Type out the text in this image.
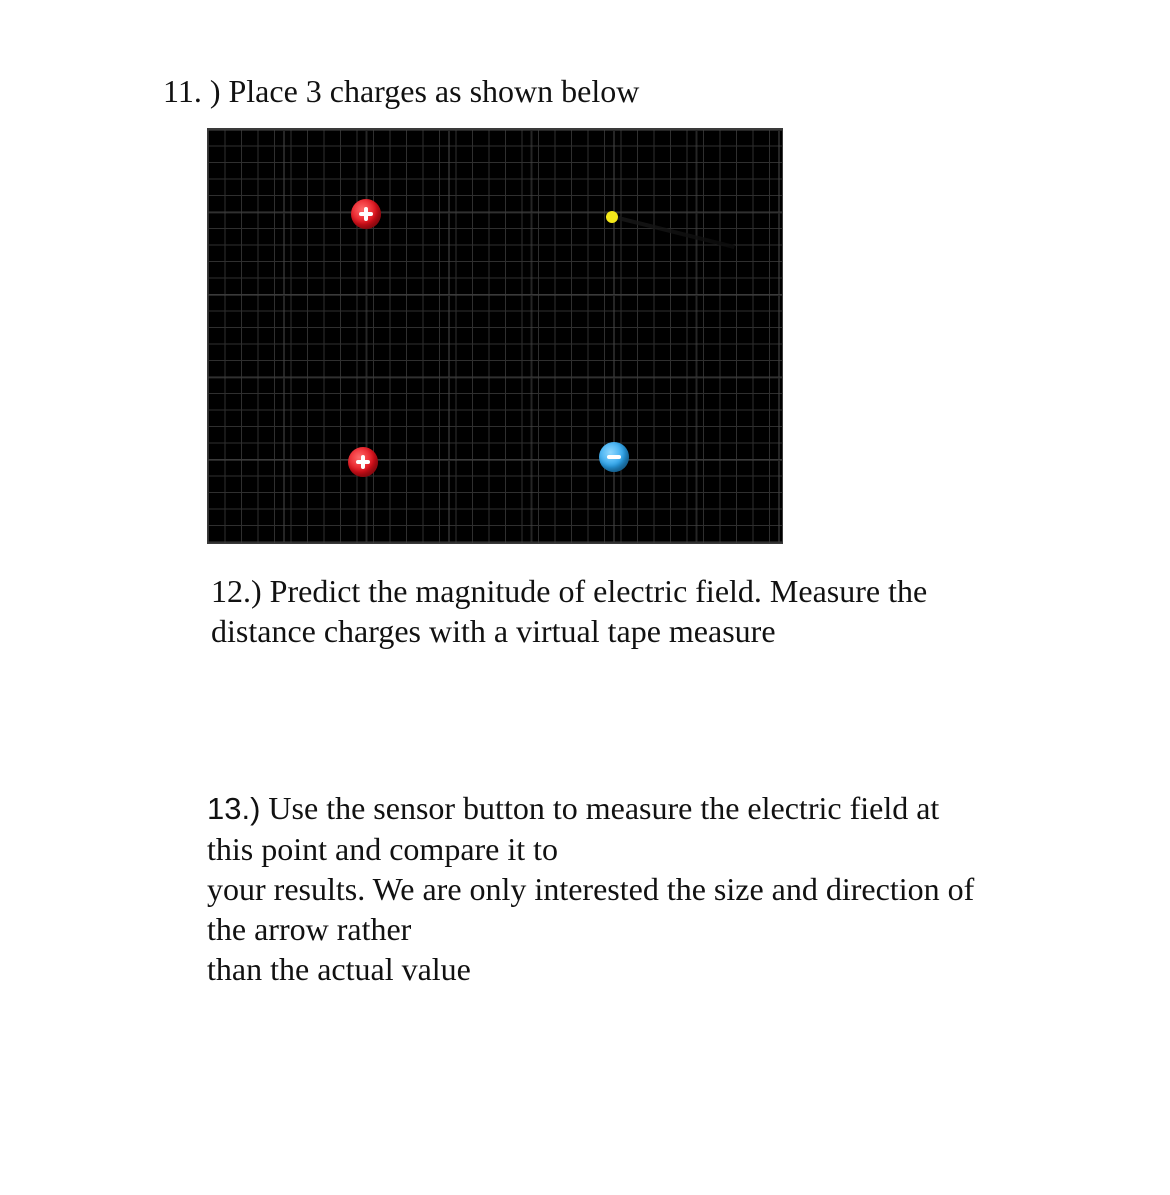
11. ) Place 3 charges as shown below

12.) Predict the magnitude of electric field. Measure the
distance charges with a virtual tape measure
13.) Use the sensor button to measure the electric field at
this point and compare it to
your results. We are only interested the size and direction of
the arrow rather
than the actual value
